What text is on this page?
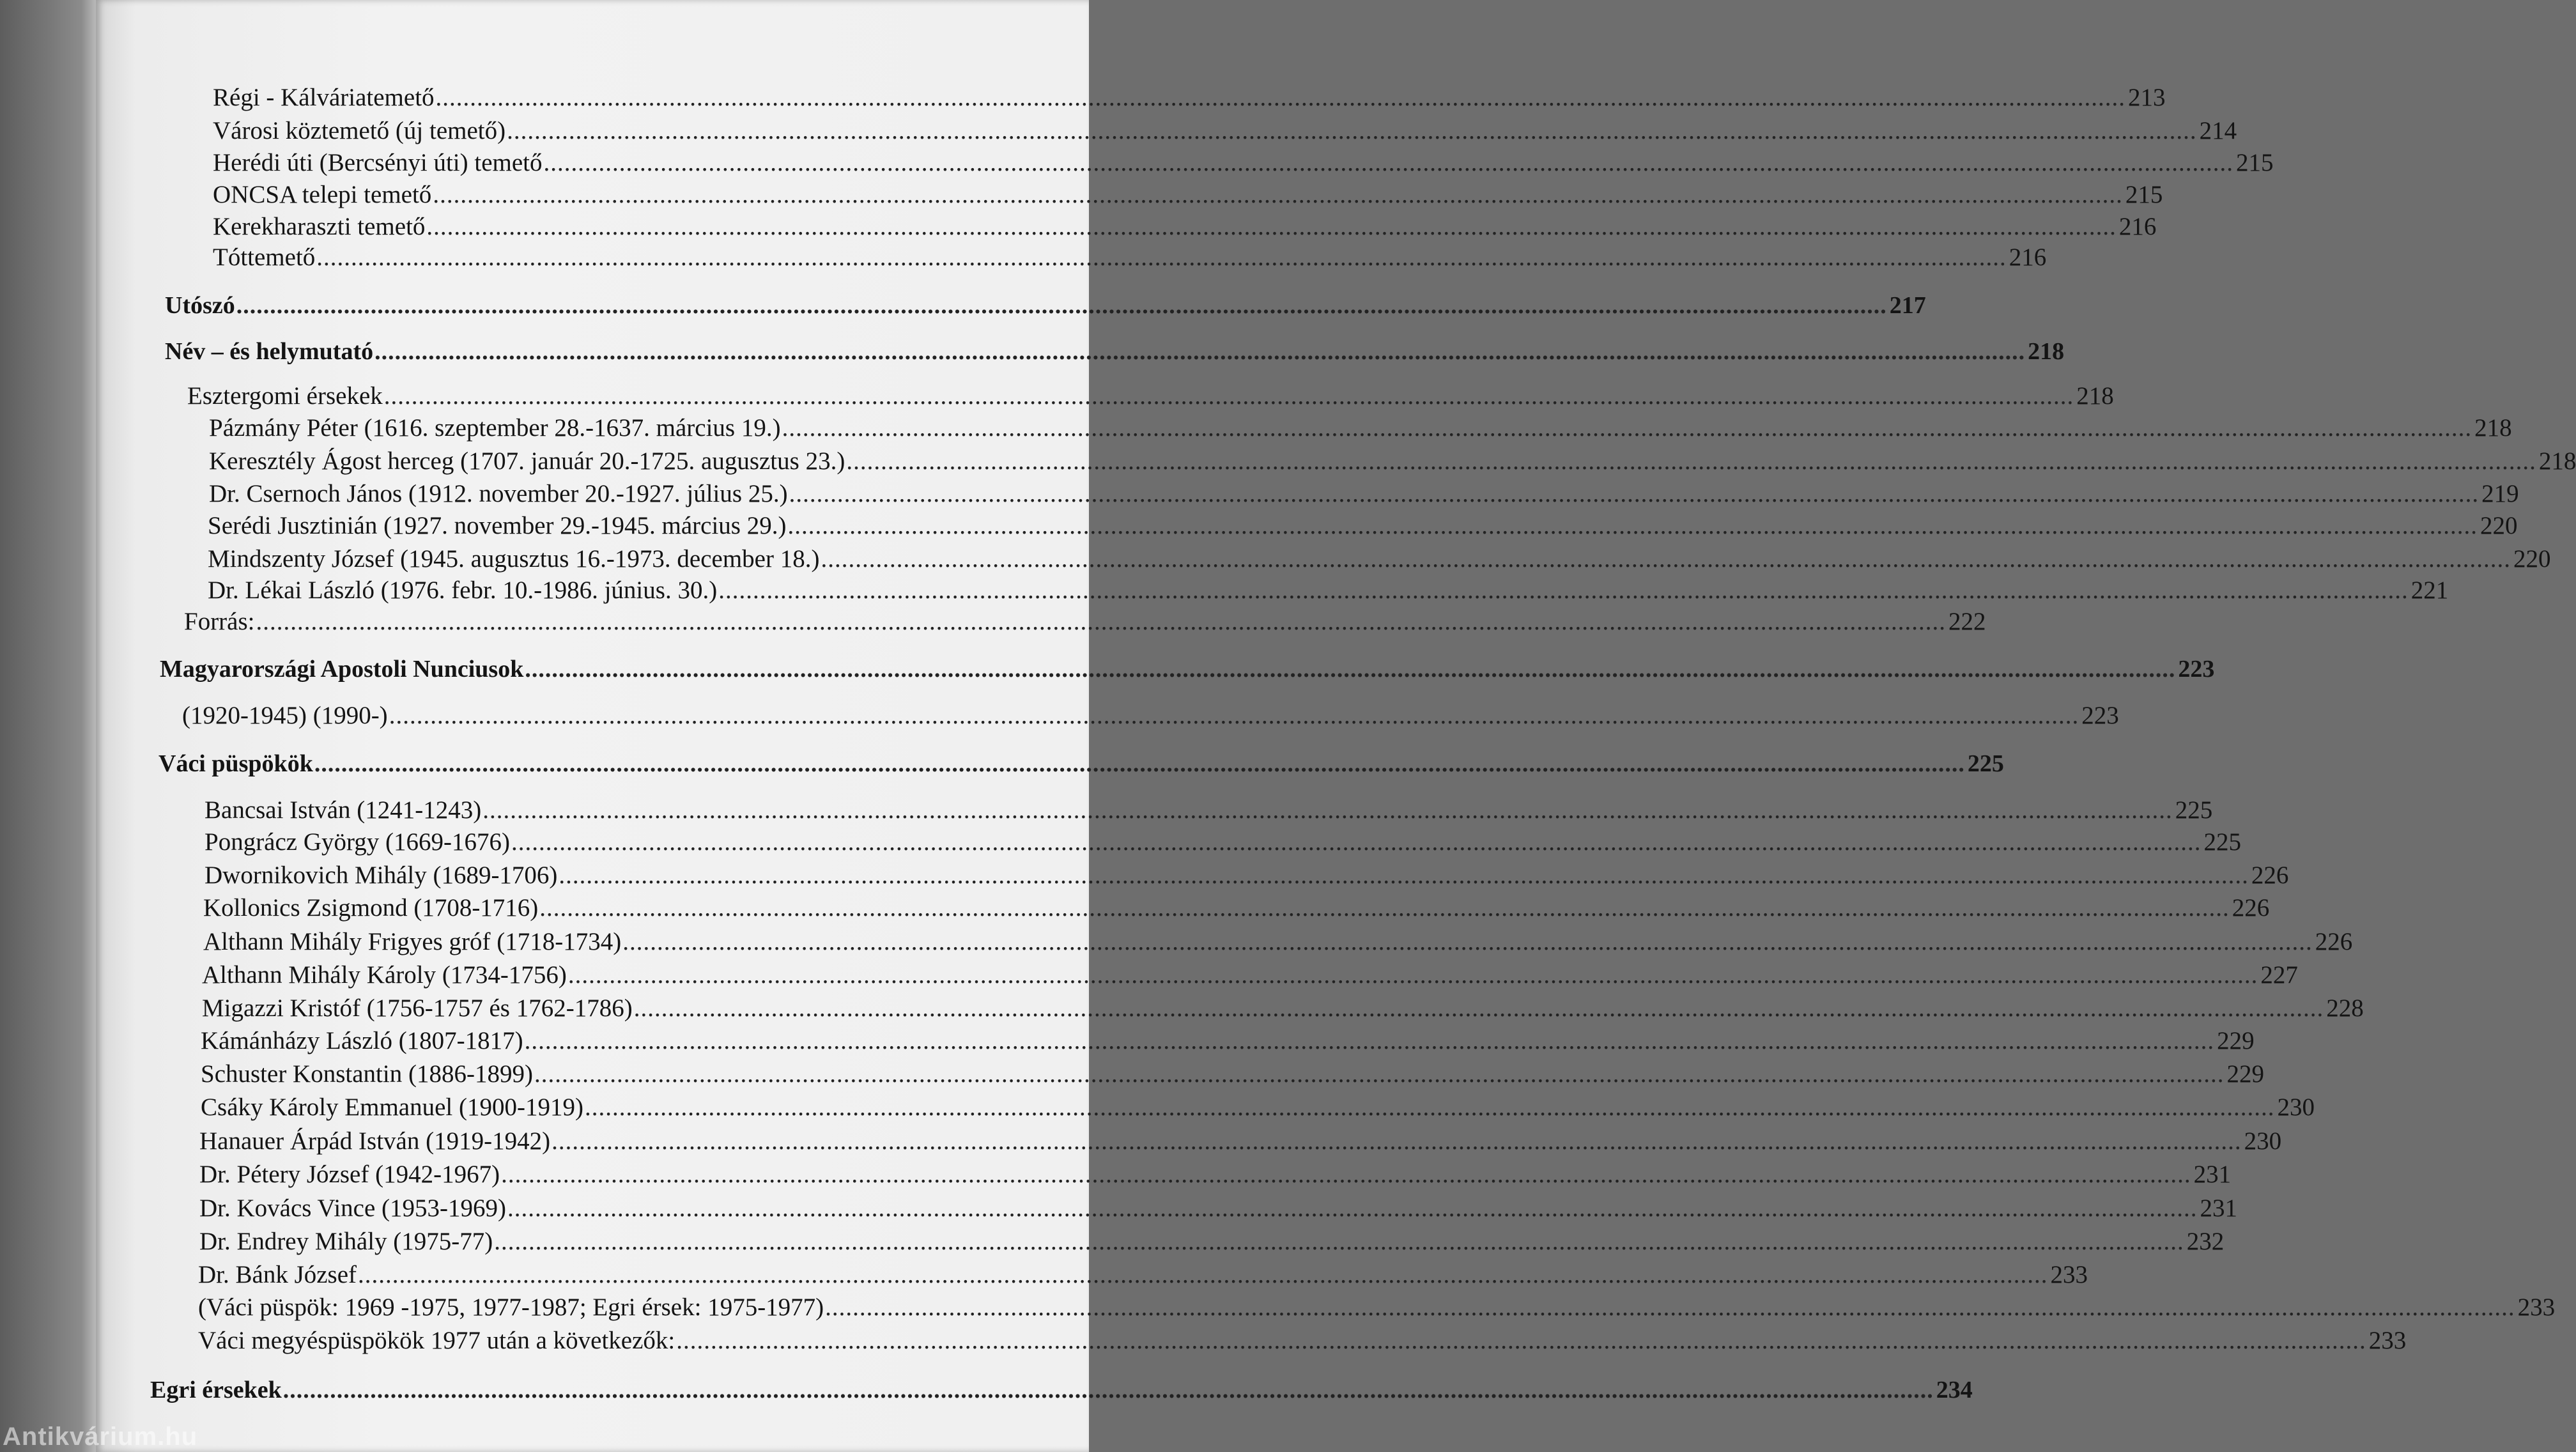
Antikvárium.hu
Régi - Kálváriatemető ...................................................................................................................................................................................................................................................... 213
Városi köztemető (új temető) ...................................................................................................................................................................................................................................................... 214
Herédi úti (Bercsényi úti) temető ...................................................................................................................................................................................................................................................... 215
ONCSA telepi temető ...................................................................................................................................................................................................................................................... 215
Kerekharaszti temető ...................................................................................................................................................................................................................................................... 216
Tóttemető ...................................................................................................................................................................................................................................................... 216
Utószó ...................................................................................................................................................................................................................................................... 217
Név – és helymutató ...................................................................................................................................................................................................................................................... 218
Esztergomi érsekek ...................................................................................................................................................................................................................................................... 218
Pázmány Péter (1616. szeptember 28.-1637. március 19.) ...................................................................................................................................................................................................................................................... 218
Keresztély Ágost herceg (1707. január 20.-1725. augusztus 23.) ...................................................................................................................................................................................................................................................... 218
Dr. Csernoch János (1912. november 20.-1927. július 25.) ...................................................................................................................................................................................................................................................... 219
Serédi Jusztinián (1927. november 29.-1945. március 29.) ...................................................................................................................................................................................................................................................... 220
Mindszenty József (1945. augusztus 16.-1973. december 18.) ...................................................................................................................................................................................................................................................... 220
Dr. Lékai László (1976. febr. 10.-1986. június. 30.) ...................................................................................................................................................................................................................................................... 221
Forrás: ...................................................................................................................................................................................................................................................... 222
Magyarországi Apostoli Nunciusok ...................................................................................................................................................................................................................................................... 223
(1920-1945) (1990-) ...................................................................................................................................................................................................................................................... 223
Váci püspökök ...................................................................................................................................................................................................................................................... 225
Bancsai István (1241-1243) ...................................................................................................................................................................................................................................................... 225
Pongrácz György (1669-1676) ...................................................................................................................................................................................................................................................... 225
Dwornikovich Mihály (1689-1706) ...................................................................................................................................................................................................................................................... 226
Kollonics Zsigmond (1708-1716) ...................................................................................................................................................................................................................................................... 226
Althann Mihály Frigyes gróf (1718-1734) ...................................................................................................................................................................................................................................................... 226
Althann Mihály Károly (1734-1756) ...................................................................................................................................................................................................................................................... 227
Migazzi Kristóf (1756-1757 és 1762-1786) ...................................................................................................................................................................................................................................................... 228
Kámánházy László (1807-1817) ...................................................................................................................................................................................................................................................... 229
Schuster Konstantin (1886-1899) ...................................................................................................................................................................................................................................................... 229
Csáky Károly Emmanuel (1900-1919) ...................................................................................................................................................................................................................................................... 230
Hanauer Árpád István (1919-1942) ...................................................................................................................................................................................................................................................... 230
Dr. Pétery József (1942-1967) ...................................................................................................................................................................................................................................................... 231
Dr. Kovács Vince (1953-1969) ...................................................................................................................................................................................................................................................... 231
Dr. Endrey Mihály (1975-77) ...................................................................................................................................................................................................................................................... 232
Dr. Bánk József ...................................................................................................................................................................................................................................................... 233
(Váci püspök: 1969 -1975, 1977-1987; Egri érsek: 1975-1977) ...................................................................................................................................................................................................................................................... 233
Váci megyéspüspökök 1977 után a következők: ...................................................................................................................................................................................................................................................... 233
Egri érsekek ...................................................................................................................................................................................................................................................... 234
